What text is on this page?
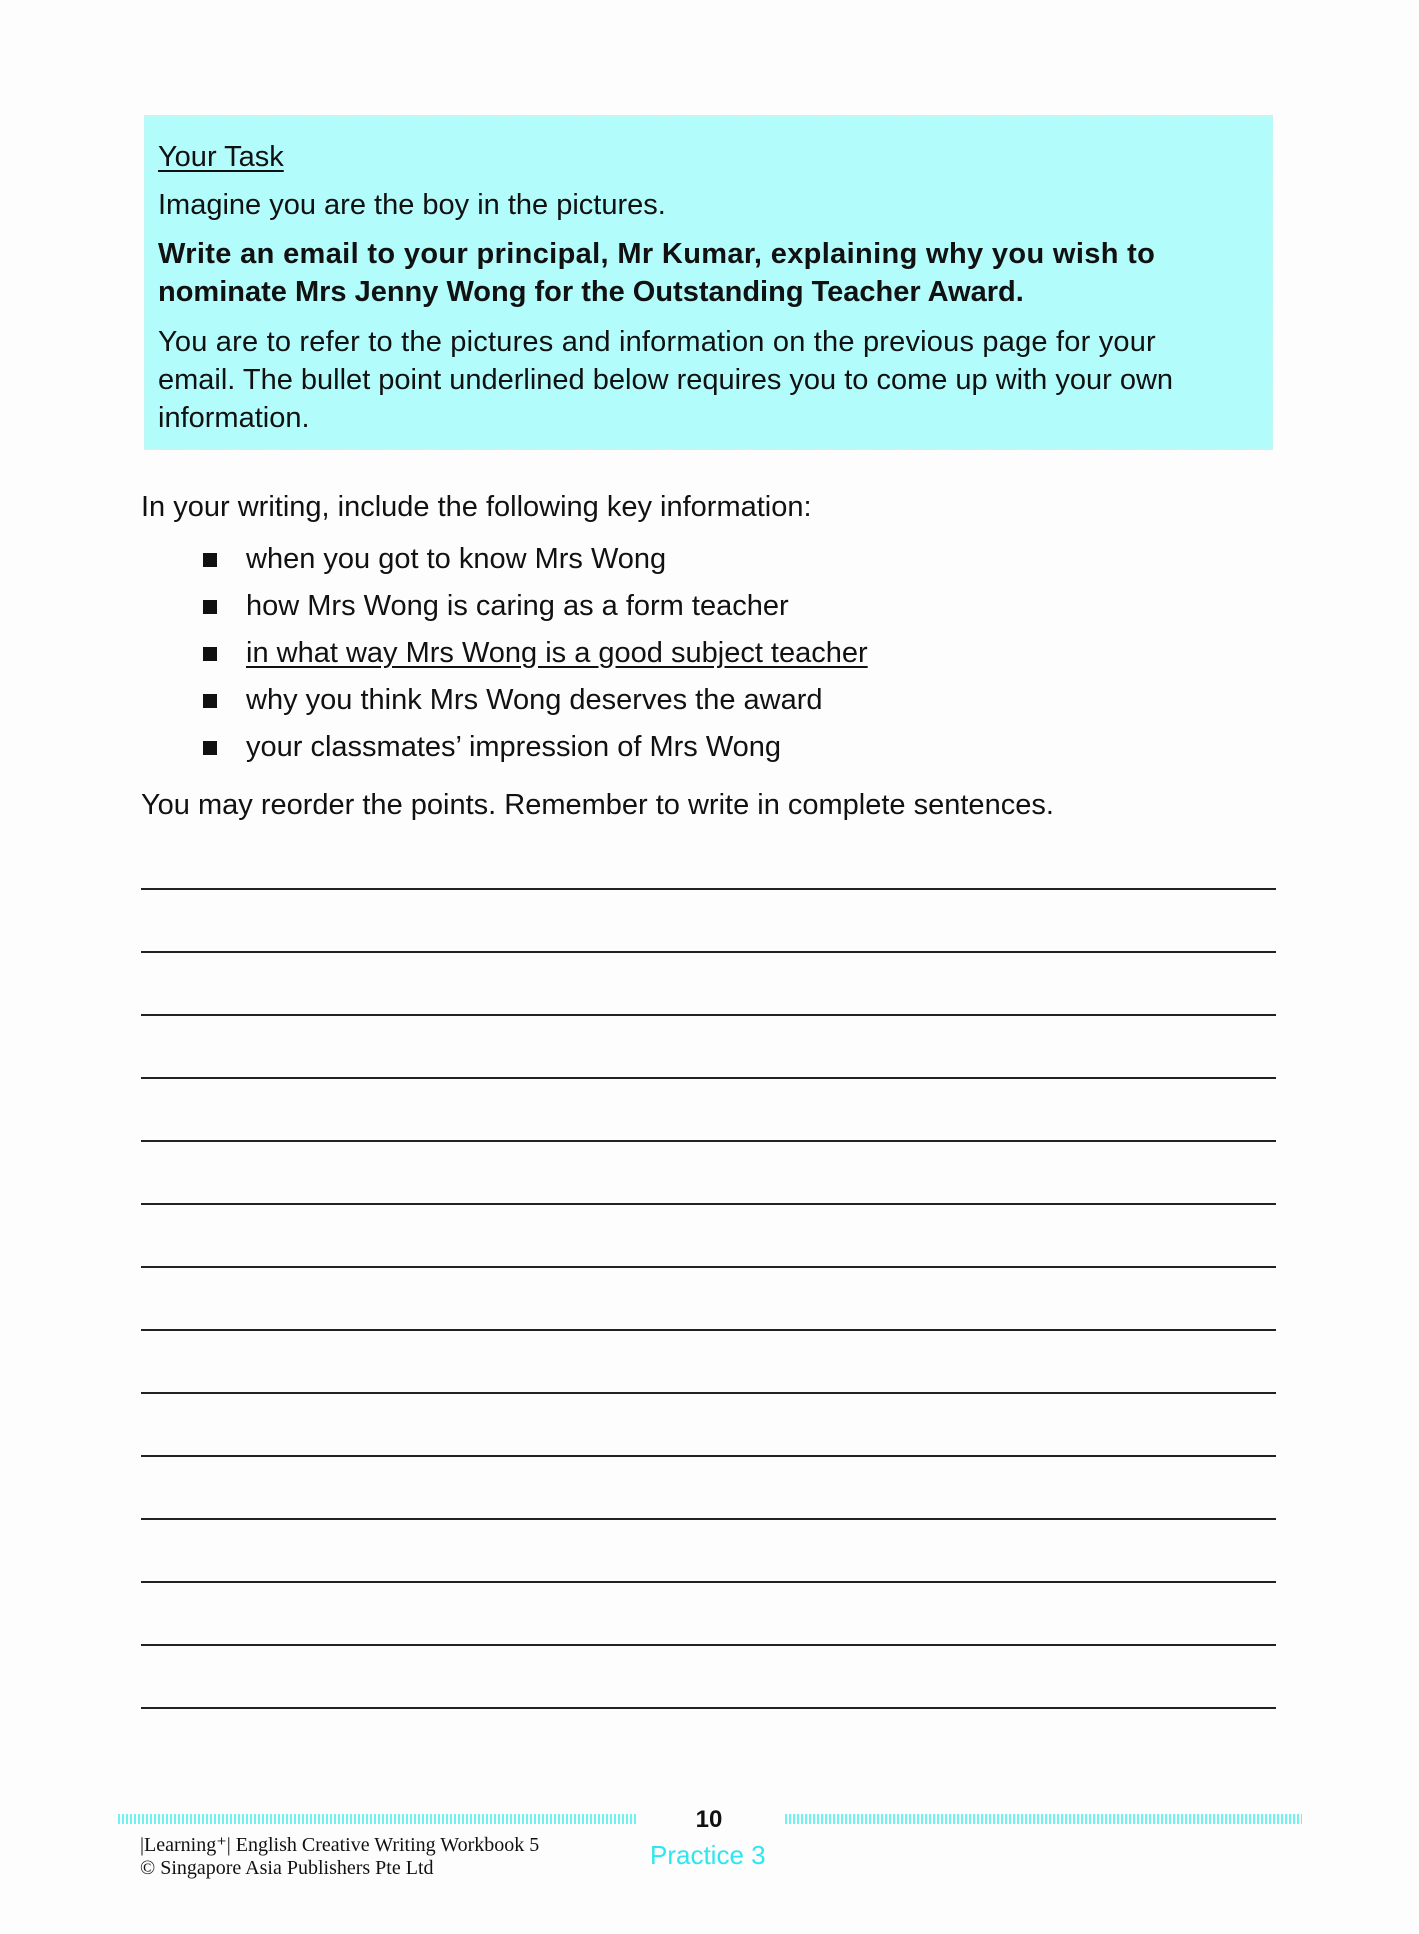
Your Task
Imagine you are the boy in the pictures.
Write an email to your principal, Mr Kumar, explaining why you wish to
nominate Mrs Jenny Wong for the Outstanding Teacher Award.
You are to refer to the pictures and information on the previous page for your
email. The bullet point underlined below requires you to come up with your own
information.
In your writing, include the following key information:
when you got to know Mrs Wong
how Mrs Wong is caring as a form teacher
in what way Mrs Wong is a good subject teacher
why you think Mrs Wong deserves the award
your classmates’ impression of Mrs Wong
You may reorder the points. Remember to write in complete sentences.
10
Practice 3
|Learning⁺| English Creative Writing Workbook 5
© Singapore Asia Publishers Pte Ltd
